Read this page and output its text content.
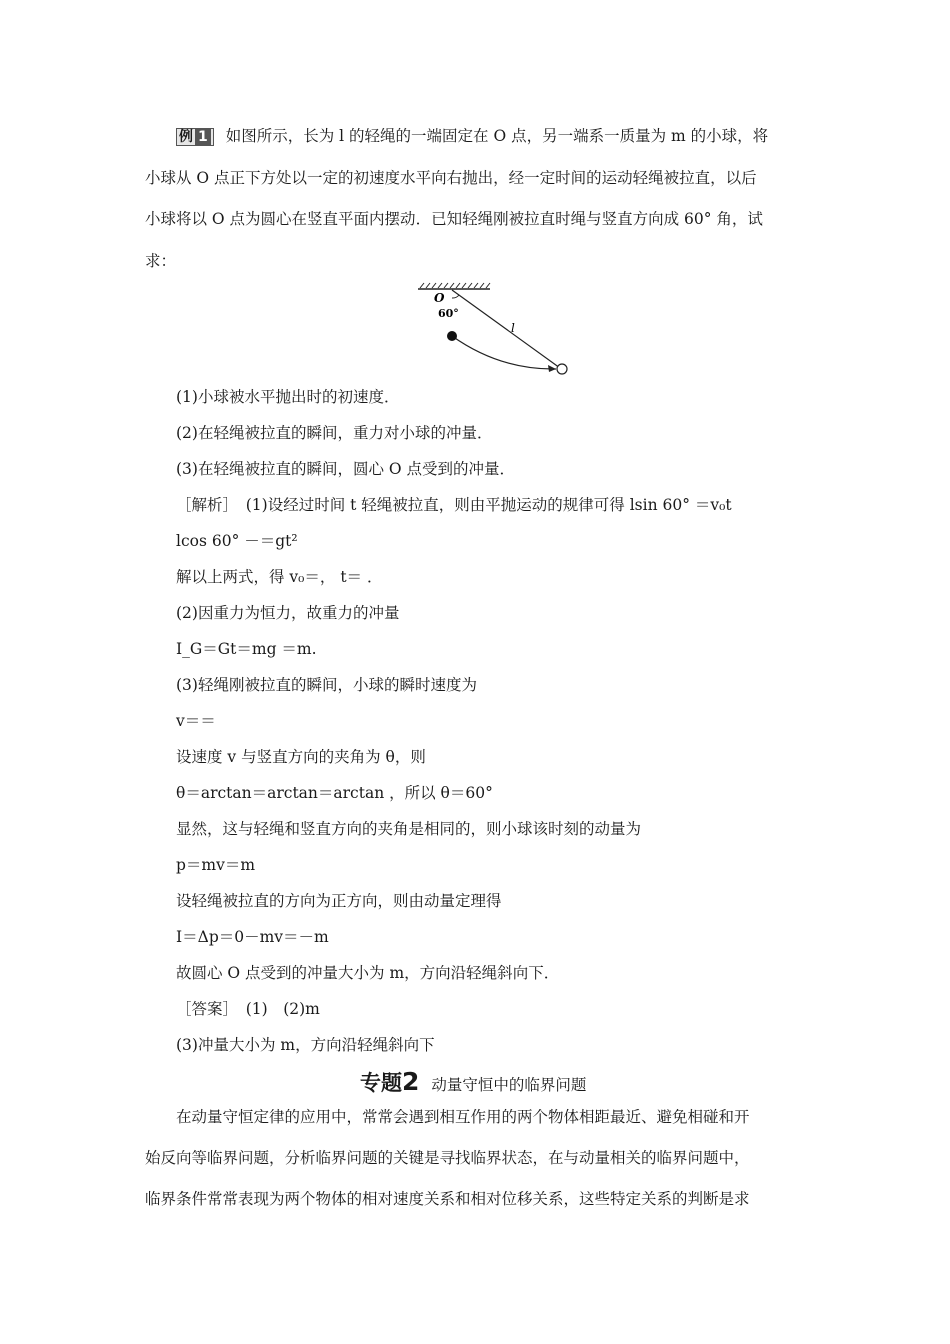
例 1 如图所示，长为 l 的轻绳的一端固定在 O 点，另一端系一质量为 m 的小球，将
小球从 O 点正下方处以一定的初速度水平向右抛出，经一定时间的运动轻绳被拉直，以后
小球将以 O 点为圆心在竖直平面内摆动．已知轻绳刚被拉直时绳与竖直方向成 60° 角，试
求：
O
60°
l
(1)小球被水平抛出时的初速度．
(2)在轻绳被拉直的瞬间，重力对小球的冲量．
(3)在轻绳被拉直的瞬间，圆心 O 点受到的冲量．
［解析］　(1)设经过时间 t 轻绳被拉直，则由平抛运动的规律可得 lsin 60° ＝v₀t
lcos 60° －＝gt²
解以上两式，得 v₀＝， t＝ ．
(2)因重力为恒力，故重力的冲量
I_G＝Gt＝mg ＝m.
(3)轻绳刚被拉直的瞬间，小球的瞬时速度为
v＝＝
设速度 v 与竖直方向的夹角为 θ，则
θ＝arctan＝arctan＝arctan ，所以 θ＝60°
显然，这与轻绳和竖直方向的夹角是相同的，则小球该时刻的动量为
p＝mv＝m
设轻绳被拉直的方向为正方向，则由动量定理得
I＝Δp＝0－mv＝－m
故圆心 O 点受到的冲量大小为 m，方向沿轻绳斜向下．
［答案］　(1)　(2)m
(3)冲量大小为 m，方向沿轻绳斜向下
专题2 动量守恒中的临界问题
在动量守恒定律的应用中，常常会遇到相互作用的两个物体相距最近、避免相碰和开
始反向等临界问题，分析临界问题的关键是寻找临界状态，在与动量相关的临界问题中，
临界条件常常表现为两个物体的相对速度关系和相对位移关系，这些特定关系的判断是求
